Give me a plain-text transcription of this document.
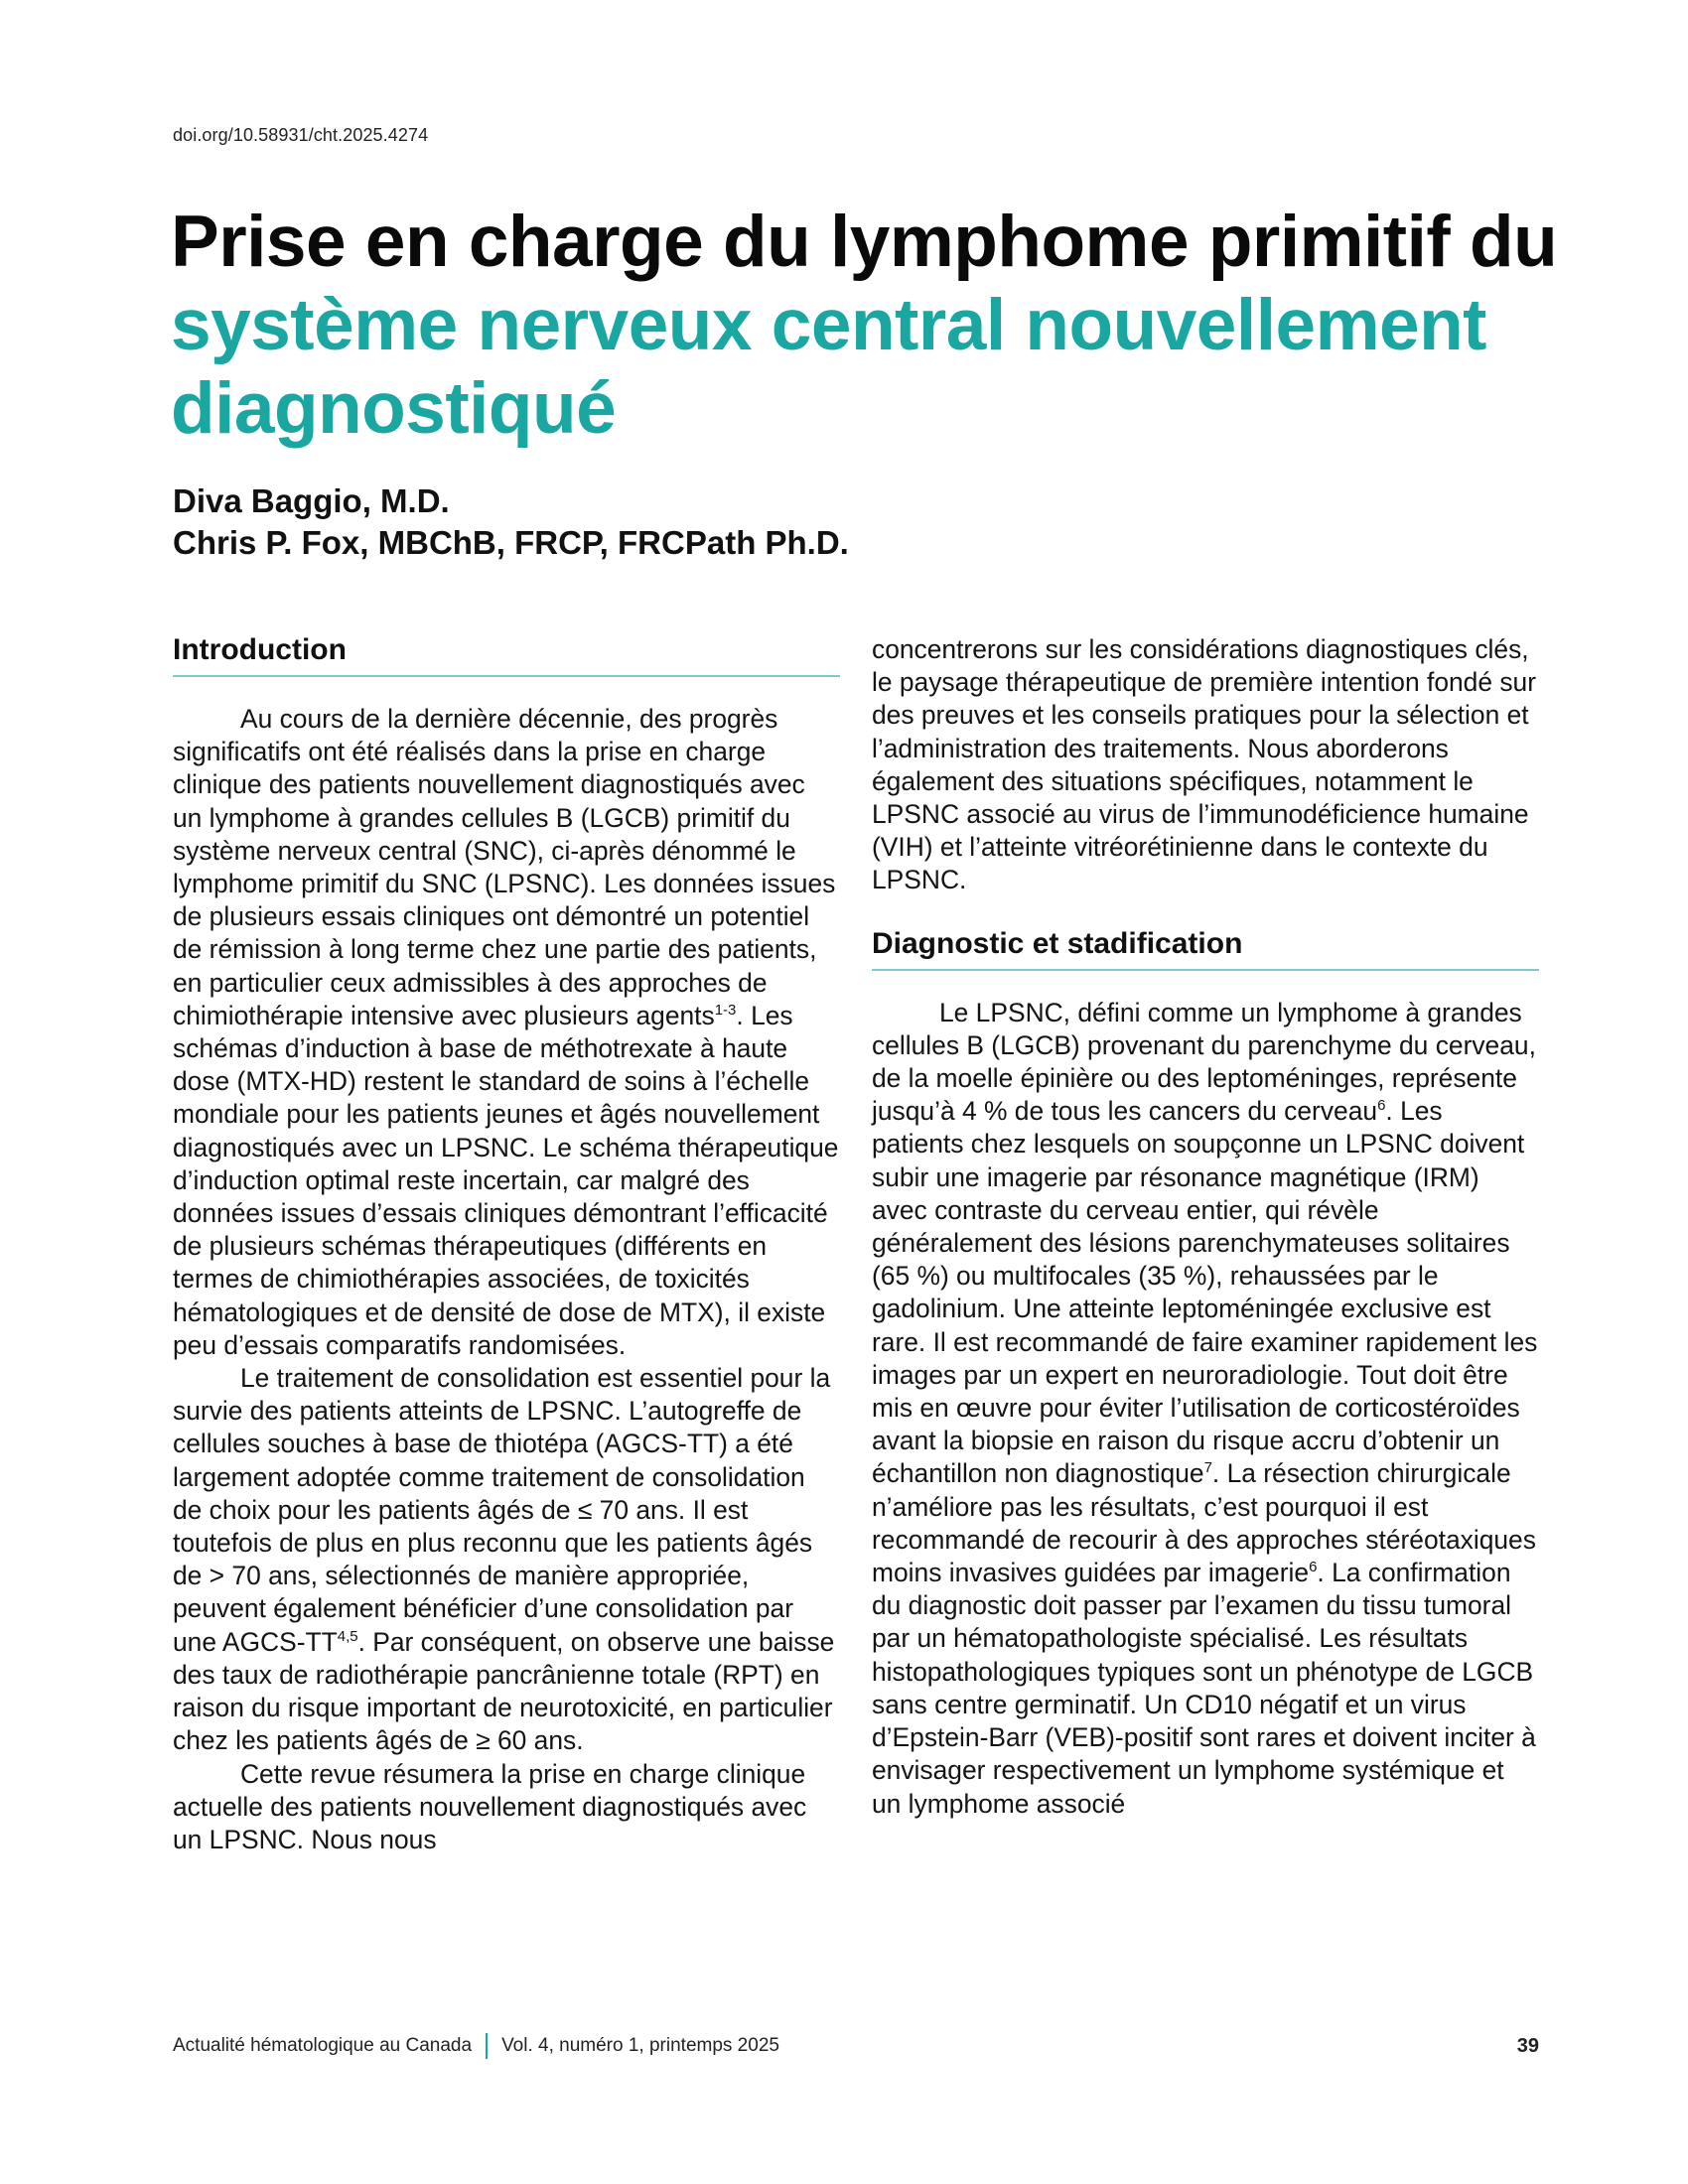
doi.org/10.58931/cht.2025.4274
Prise en charge du lymphome primitif du système nerveux central nouvellement diagnostiqué
Diva Baggio, M.D.
Chris P. Fox, MBChB, FRCP, FRCPath Ph.D.
Introduction

Au cours de la dernière décennie, des progrès significatifs ont été réalisés dans la prise en charge clinique des patients nouvellement diagnostiqués avec un lymphome à grandes cellules B (LGCB) primitif du système nerveux central (SNC), ci-après dénommé le lymphome primitif du SNC (LPSNC). Les données issues de plusieurs essais cliniques ont démontré un potentiel de rémission à long terme chez une partie des patients, en particulier ceux admissibles à des approches de chimiothérapie intensive avec plusieurs agents$^{1-3}$. Les schémas d’induction à base de méthotrexate à haute dose (MTX-HD) restent le standard de soins à l’échelle mondiale pour les patients jeunes et âgés nouvellement diagnostiqués avec un LPSNC. Le schéma thérapeutique d’induction optimal reste incertain, car malgré des données issues d’essais cliniques démontrant l’efficacité de plusieurs schémas thérapeutiques (différents en termes de chimiothérapies associées, de toxicités hématologiques et de densité de dose de MTX), il existe peu d’essais comparatifs randomisées.

Le traitement de consolidation est essentiel pour la survie des patients atteints de LPSNC. L’autogreffe de cellules souches à base de thiotépa (AGCS-TT) a été largement adoptée comme traitement de consolidation de choix pour les patients âgés de ≤ 70 ans. Il est toutefois de plus en plus reconnu que les patients âgés de > 70 ans, sélectionnés de manière appropriée, peuvent également bénéficier d’une consolidation par une AGCS-TT$^{4,5}$. Par conséquent, on observe une baisse des taux de radiothérapie pancrânienne totale (RPT) en raison du risque important de neurotoxicité, en particulier chez les patients âgés de ≥ 60 ans.

Cette revue résumera la prise en charge clinique actuelle des patients nouvellement diagnostiqués avec un LPSNC. Nous nous

concentrerons sur les considérations diagnostiques clés, le paysage thérapeutique de première intention fondé sur des preuves et les conseils pratiques pour la sélection et l’administration des traitements. Nous aborderons également des situations spécifiques, notamment le LPSNC associé au virus de l’immunodéficience humaine (VIH) et l’atteinte vitréorétinienne dans le contexte du LPSNC.

Diagnostic et stadification

Le LPSNC, défini comme un lymphome à grandes cellules B (LGCB) provenant du parenchyme du cerveau, de la moelle épinière ou des leptoméninges, représente jusqu’à 4 % de tous les cancers du cerveau$^6$. Les patients chez lesquels on soupçonne un LPSNC doivent subir une imagerie par résonance magnétique (IRM) avec contraste du cerveau entier, qui révèle généralement des lésions parenchymateuses solitaires (65 %) ou multifocales (35 %), rehaussées par le gadolinium. Une atteinte leptoméningée exclusive est rare. Il est recommandé de faire examiner rapidement les images par un expert en neuroradiologie. Tout doit être mis en œuvre pour éviter l’utilisation de corticostéroïdes avant la biopsie en raison du risque accru d’obtenir un échantillon non diagnostique$^7$. La résection chirurgicale n’améliore pas les résultats, c’est pourquoi il est recommandé de recourir à des approches stéréotaxiques moins invasives guidées par imagerie$^6$. La confirmation du diagnostic doit passer par l’examen du tissu tumoral par un hématopathologiste spécialisé. Les résultats histopathologiques typiques sont un phénotype de LGCB sans centre germinatif. Un CD10 négatif et un virus d’Epstein-Barr (VEB)-positif sont rares et doivent inciter à envisager respectivement un lymphome systémique et un lymphome associé

Actualité hématologique au Canada Vol. 4, numéro 1, printemps 2025	39
